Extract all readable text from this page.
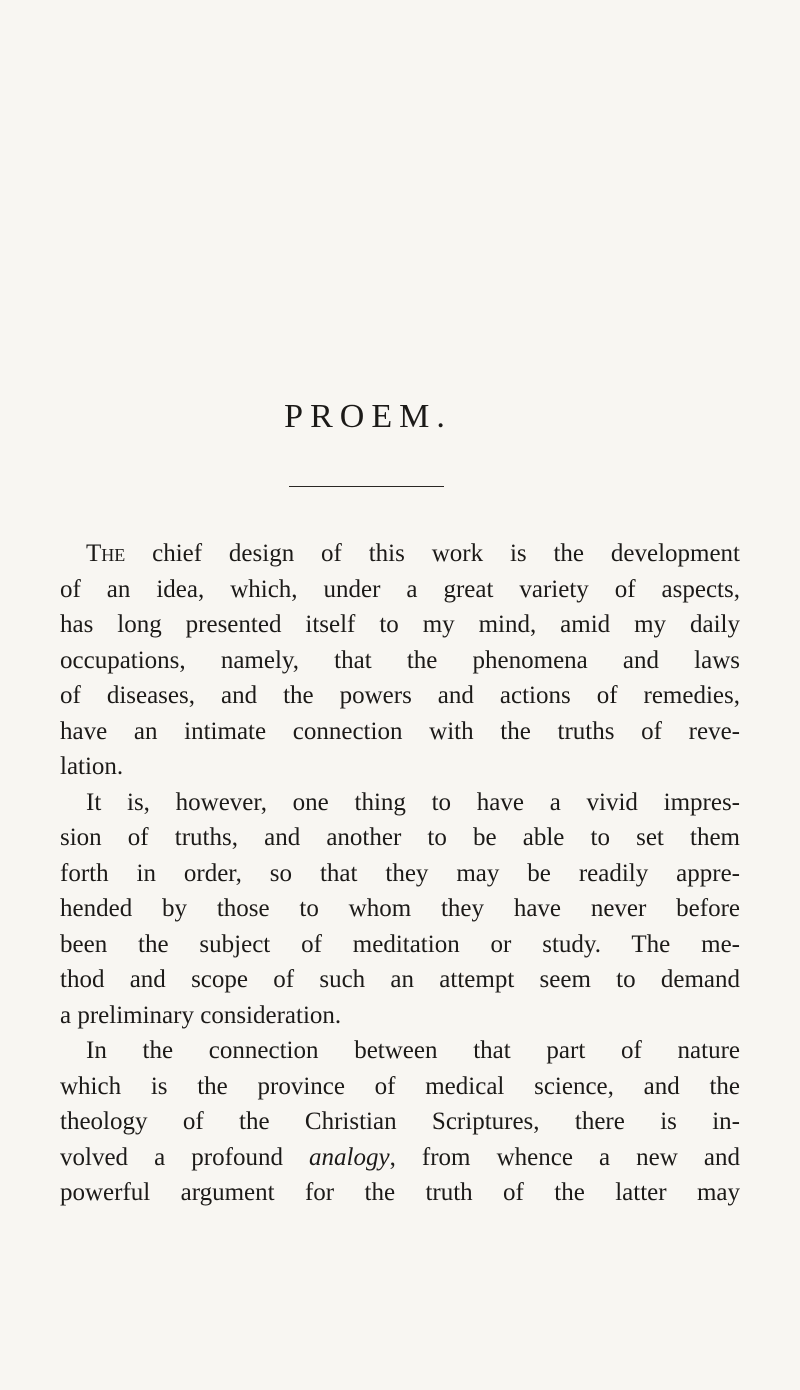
PROEM.
The chief design of this work is the development
of an idea, which, under a great variety of aspects,
has long presented itself to my mind, amid my daily
occupations, namely, that the phenomena and laws
of diseases, and the powers and actions of remedies,
have an intimate connection with the truths of reve-
lation.
It is, however, one thing to have a vivid impres-
sion of truths, and another to be able to set them
forth in order, so that they may be readily appre-
hended by those to whom they have never before
been the subject of meditation or study. The me-
thod and scope of such an attempt seem to demand
a preliminary consideration.
In the connection between that part of nature
which is the province of medical science, and the
theology of the Christian Scriptures, there is in-
volved a profound analogy, from whence a new and
powerful argument for the truth of the latter may
